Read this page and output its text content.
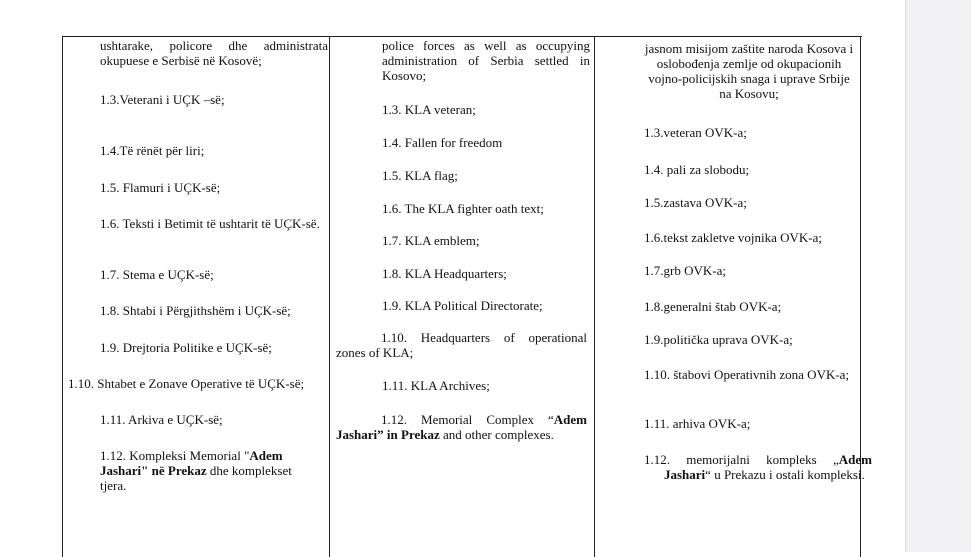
ushtarake, policore dhe administrata okupuese e Serbisë në Kosovë;
1.3.Veterani i UÇK –së;
1.4.Të rënët për liri;
1.5. Flamuri i UÇK-së;
1.6. Teksti i Betimit të ushtarit të UÇK-së.
1.7. Stema e UÇK-së;
1.8. Shtabi i Përgjithshëm i UÇK-së;
1.9. Drejtoria Politike e UÇK-së;
1.10. Shtabet e Zonave Operative të UÇK-së;
1.11. Arkiva e UÇK-së;
1.12. Kompleksi Memorial "Adem Jashari" në Prekaz dhe komplekset tjera.
police forces as well as occupying administration of Serbia settled in Kosovo;
1.3. KLA veteran;
1.4. Fallen for freedom
1.5. KLA flag;
1.6. The KLA fighter oath text;
1.7. KLA emblem;
1.8. KLA Headquarters;
1.9. KLA Political Directorate;
1.10. Headquarters of operational zones of KLA;
1.11. KLA Archives;
1.12. Memorial Complex “Adem Jashari” in Prekaz and other complexes.
jasnom misijom zaštite naroda Kosova i oslobođenja zemlje od okupacionih vojno-policijskih snaga i uprave Srbije na Kosovu;
1.3.veteran OVK-a;
1.4. pali za slobodu;
1.5.zastava OVK-a;
1.6.tekst zakletve vojnika OVK-a;
1.7.grb OVK-a;
1.8.generalni štab OVK-a;
1.9.politička uprava OVK-a;
1.10. štabovi Operativnih zona OVK-a;
1.11. arhiva OVK-a;
1.12. memorijalni kompleks „Adem Jashari“ u Prekazu i ostali kompleksi.
